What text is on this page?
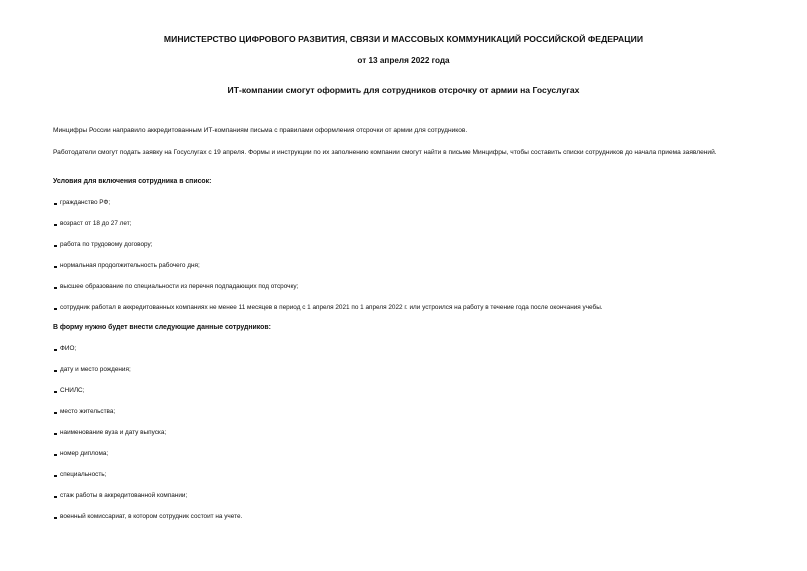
МИНИСТЕРСТВО ЦИФРОВОГО РАЗВИТИЯ, СВЯЗИ И МАССОВЫХ КОММУНИКАЦИЙ РОССИЙСКОЙ ФЕДЕРАЦИИ
от 13 апреля 2022 года
ИТ-компании смогут оформить для сотрудников отсрочку от армии на Госуслугах
Минцифры России направило аккредитованным ИТ-компаниям письма с правилами оформления отсрочки от армии для сотрудников.
Работодатели смогут подать заявку на Госуслугах с 19 апреля. Формы и инструкции по их заполнению компании смогут найти в письме Минцифры, чтобы составить списки сотрудников до начала приема заявлений.
Условия для включения сотрудника в список:
гражданство РФ;
возраст от 18 до 27 лет;
работа по трудовому договору;
нормальная продолжительность рабочего дня;
высшее образование по специальности из перечня подпадающих под отсрочку;
сотрудник работал в аккредитованных компаниях не менее 11 месяцев в период с 1 апреля 2021 по 1 апреля 2022 г. или устроился на работу в течение года после окончания учебы.
В форму нужно будет внести следующие данные сотрудников:
ФИО;
дату и место рождения;
СНИЛС;
место жительства;
наименование вуза и дату выпуска;
номер диплома;
специальность;
стаж работы в аккредитованной компании;
военный комиссариат, в котором сотрудник состоит на учете.
